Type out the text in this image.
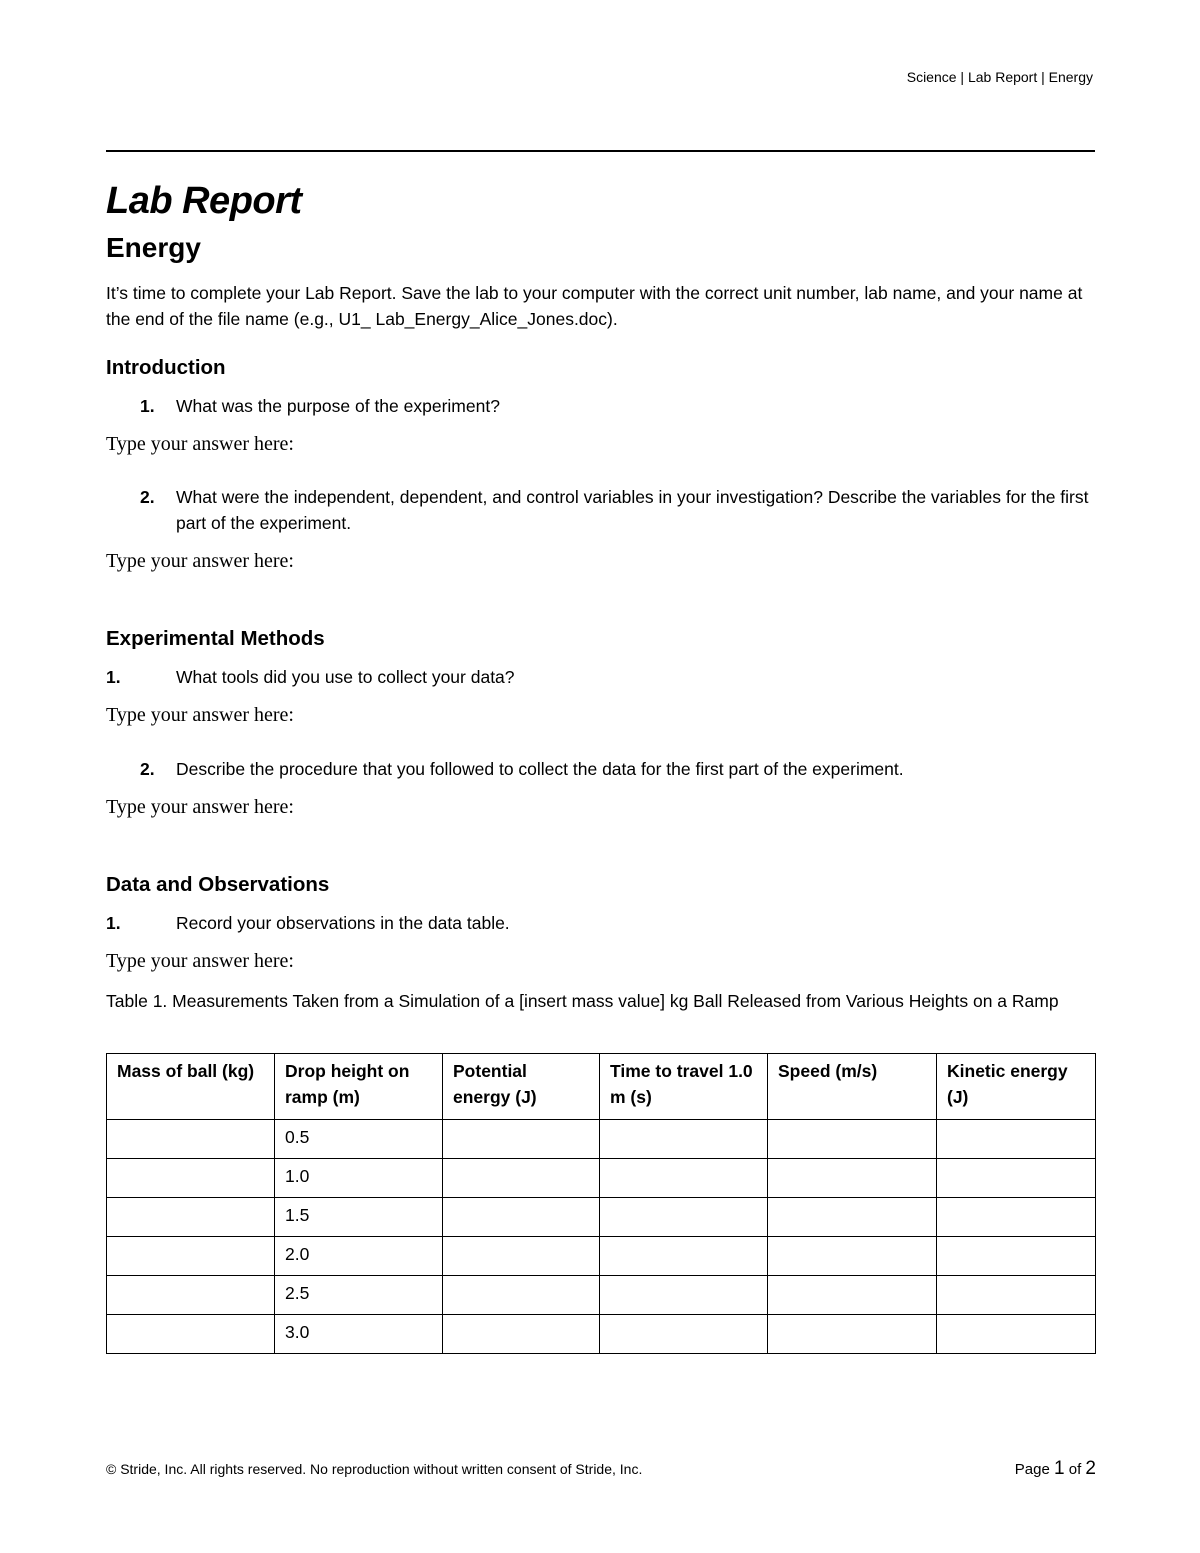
Science | Lab Report | Energy
Lab Report
Energy
It’s time to complete your Lab Report. Save the lab to your computer with the correct unit number, lab name, and your name at the end of the file name (e.g., U1_ Lab_Energy_Alice_Jones.doc).
Introduction
1. What was the purpose of the experiment?
Type your answer here:
2. What were the independent, dependent, and control variables in your investigation? Describe the variables for the first part of the experiment.
Type your answer here:
Experimental Methods
1.	What tools did you use to collect your data?
Type your answer here:
2. Describe the procedure that you followed to collect the data for the first part of the experiment.
Type your answer here:
Data and Observations
1.	Record your observations in the data table.
Type your answer here:
Table 1. Measurements Taken from a Simulation of a [insert mass value] kg Ball Released from Various Heights on a Ramp
Mass of ball (kg)	Drop height on ramp (m)	Potential energy (J)	Time to travel 1.0 m (s)	Speed (m/s)	Kinetic energy (J)
	0.5				
	1.0				
	1.5				
	2.0				
	2.5				
	3.0				
© Stride, Inc. All rights reserved. No reproduction without written consent of Stride, Inc.	Page 1 of 2
